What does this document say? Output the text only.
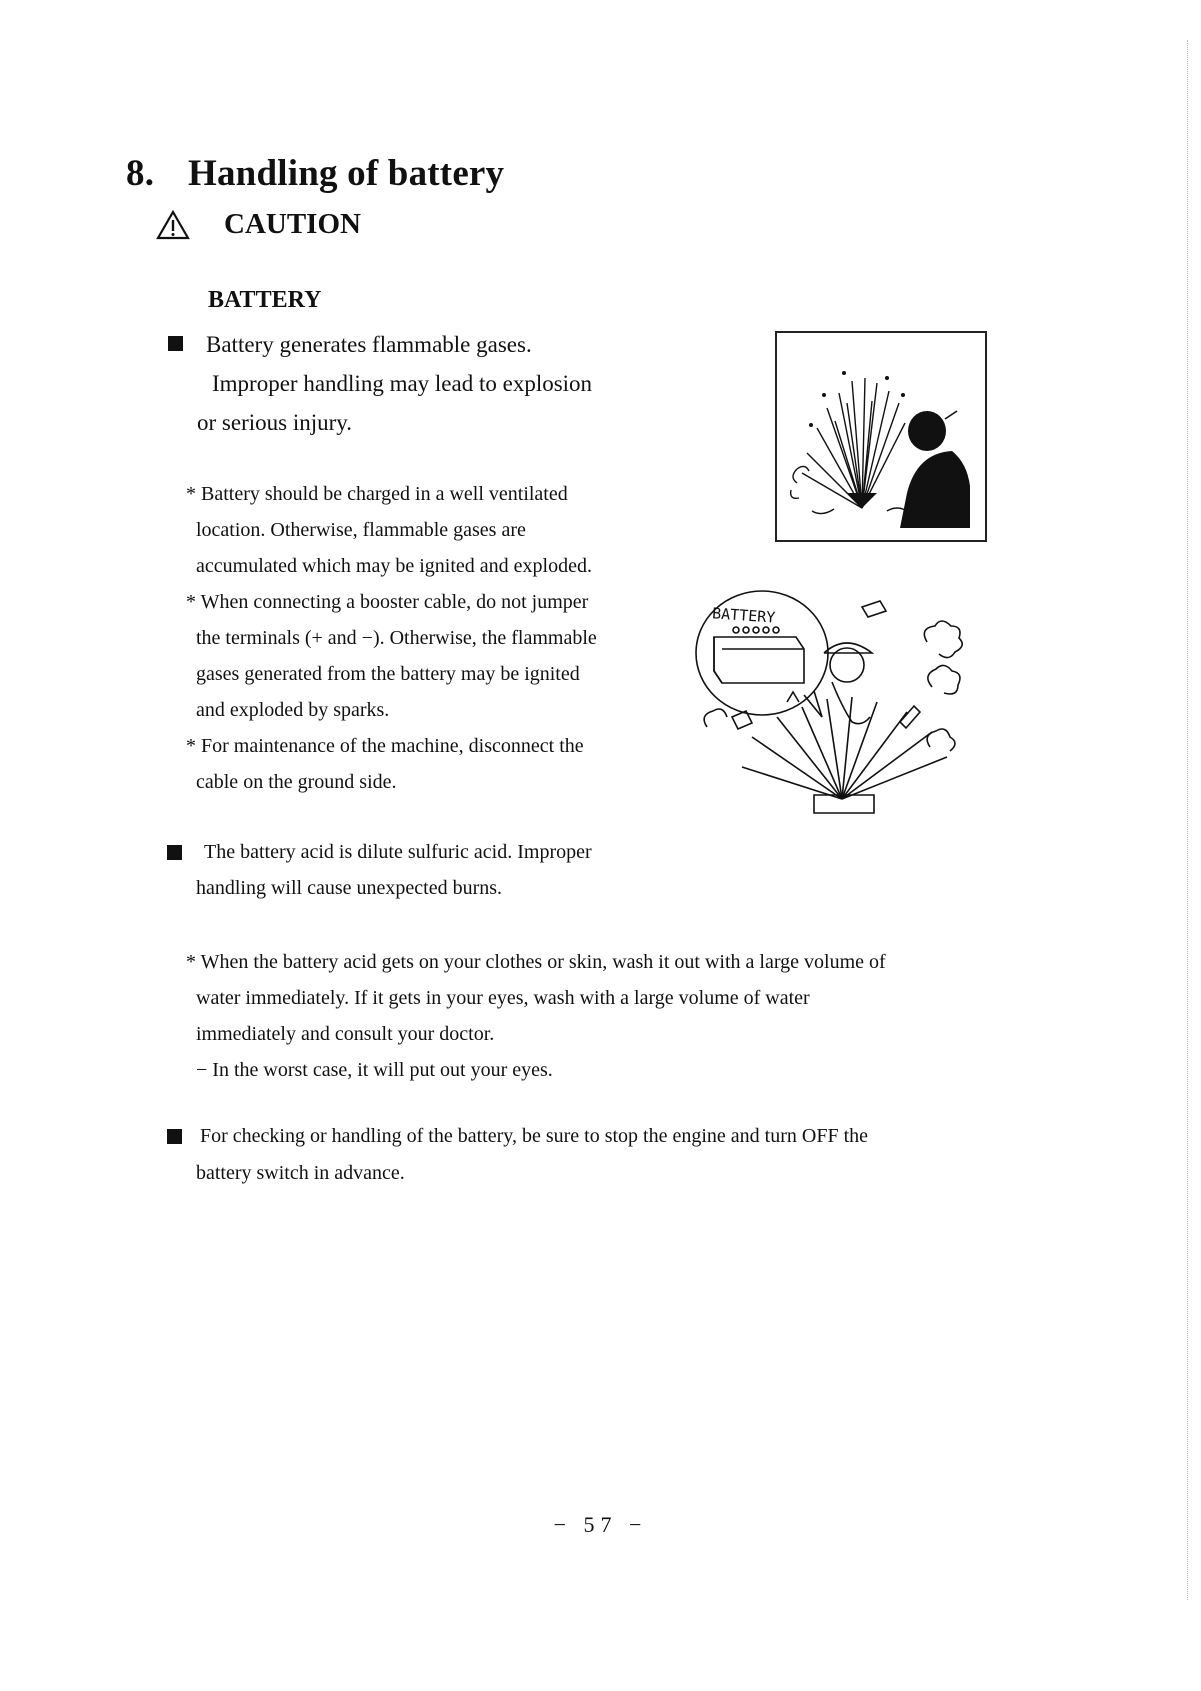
8. Handling of battery
CAUTION
BATTERY
Battery generates flammable gases.
Improper handling may lead to explosion
or serious injury.
* Battery should be charged in a well ventilated
location. Otherwise, flammable gases are
accumulated which may be ignited and exploded.
* When connecting a booster cable, do not jumper
the terminals (+ and −). Otherwise, the flammable
gases generated from the battery may be ignited
and exploded by sparks.
* For maintenance of the machine, disconnect the
cable on the ground side.
BATTERY
The battery acid is dilute sulfuric acid. Improper
handling will cause unexpected burns.
* When the battery acid gets on your clothes or skin, wash it out with a large volume of
water immediately. If it gets in your eyes, wash with a large volume of water
immediately and consult your doctor.
− In the worst case, it will put out your eyes.
For checking or handling of the battery, be sure to stop the engine and turn OFF the
battery switch in advance.
− 57 −
